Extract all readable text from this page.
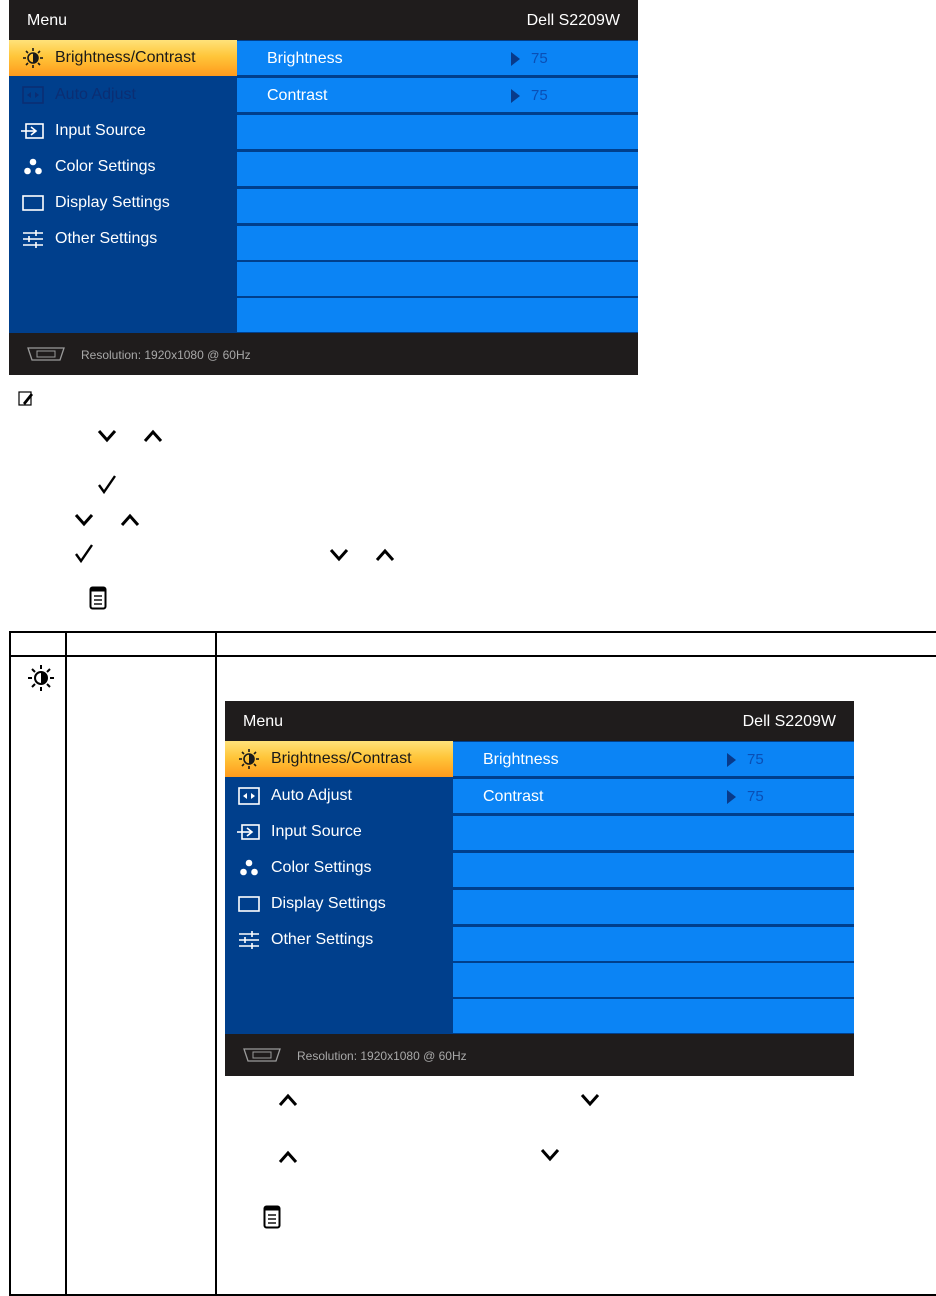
Menu	Dell S2209W
Brightness/Contrast
Auto Adjust
Input Source
Color Settings
Display Settings
Other Settings
Brightness	75
Contrast	75
Resolution: 1920x1080 @ 60Hz
Menu	Dell S2209W
Brightness/Contrast
Auto Adjust
Input Source
Color Settings
Display Settings
Other Settings
Brightness	75
Contrast	75
Resolution: 1920x1080 @ 60Hz
